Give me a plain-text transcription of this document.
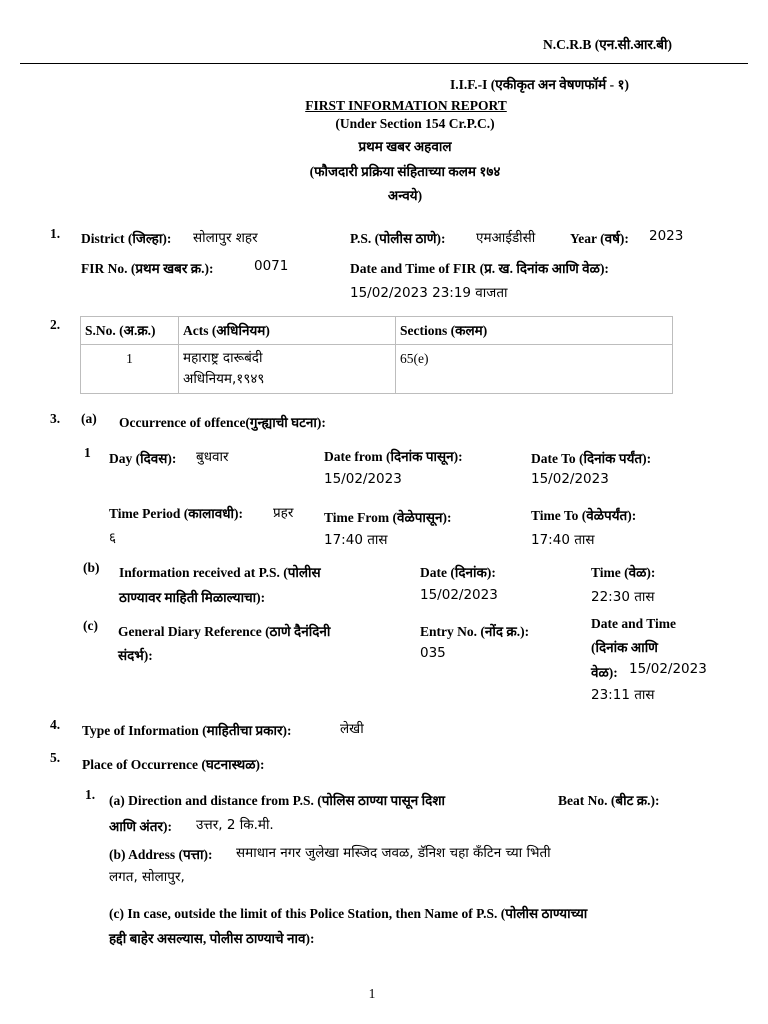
N.C.R.B (एन.सी.आर.बी)
I.I.F.-I (एकीकृत अन वेषणफॉर्म - १)
FIRST INFORMATION REPORT
(Under Section 154 Cr.P.C.)
प्रथम खबर अहवाल
(फौजदारी प्रक्रिया संहिताच्या कलम १७४
अन्वये)
1. District (जिल्हा): सोलापुर शहर	P.S. (पोलीस ठाणे): एमआईडीसी	Year (वर्ष): 2023
FIR No. (प्रथम खबर क्र.):	0071	Date and Time of FIR (प्र. ख. दिनांक आणि वेळ):
15/02/2023 23:19 वाजता
2. S.No. (अ.क्र.)	Acts (अधिनियम)	Sections (कलम)
1	महाराष्ट्र दारूबंदी
अधिनियम,१९४९	65(e)
3. (a) Occurrence of offence(गुन्ह्याची घटना):
1 Day (दिवस): बुधवार	Date from (दिनांक पासून):
15/02/2023
Date To (दिनांक पर्यंत):
15/02/2023
Time Period (कालावधी): प्रहर
६
Time From (वेळेपासून):
17:40 तास
Time To (वेळेपर्यंत):
17:40 तास
(b) Information received at P.S. (पोलीस
ठाण्यावर माहिती मिळाल्याचा):
Date (दिनांक):
15/02/2023
Time (वेळ):
22:30 तास
(c) General Diary Reference (ठाणे दैनंदिनी
संदर्भ):
Entry No. (नोंद क्र.):
035
Date and Time
(दिनांक आणि
वेळ): 15/02/2023
23:11 तास
4. Type of Information (माहितीचा प्रकार):	लेखी
5. Place of Occurrence (घटनास्थळ):
1. (a) Direction and distance from P.S. (पोलिस ठाण्या पासून दिशा	Beat No. (बीट क्र.):
आणि अंतर): उत्तर, 2 कि.मी.
(b) Address (पत्ता): समाधान नगर जुलेखा मस्जिद जवळ, डॅनिश चहा कॅंटिन च्या भिती
लगत, सोलापुर,
(c) In case, outside the limit of this Police Station, then Name of P.S. (पोलीस ठाण्याच्या
हद्दी बाहेर असल्यास, पोलीस ठाण्याचे नाव):
1
